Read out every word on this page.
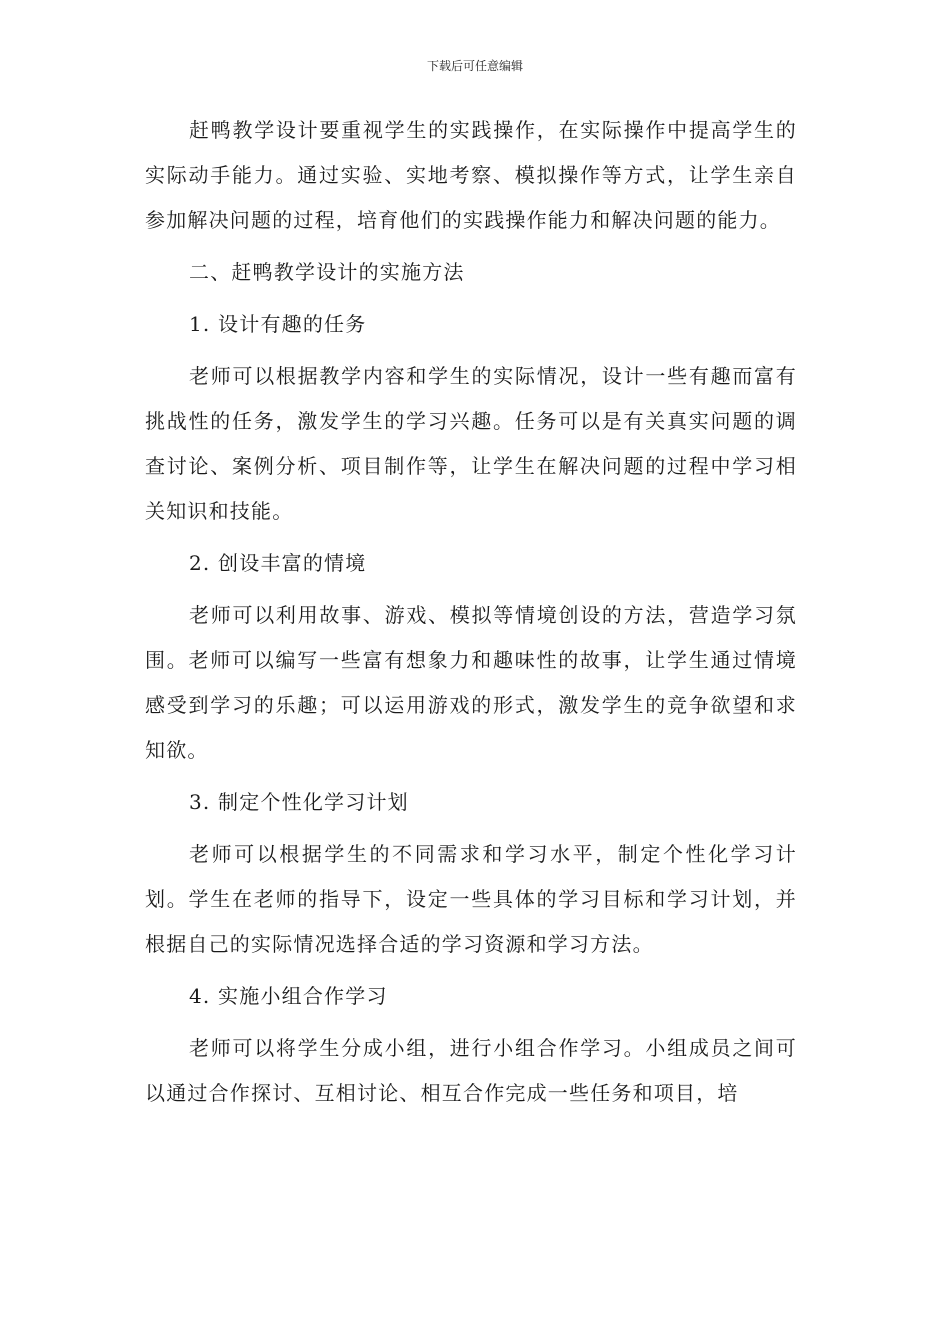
下载后可任意编辑

赶鸭教学设计要重视学生的实践操作，在实际操作中提高学生的实际动手能力。通过实验、实地考察、模拟操作等方式，让学生亲自参加解决问题的过程，培育他们的实践操作能力和解决问题的能力。

二、赶鸭教学设计的实施方法

1. 设计有趣的任务

老师可以根据教学内容和学生的实际情况，设计一些有趣而富有挑战性的任务，激发学生的学习兴趣。任务可以是有关真实问题的调查讨论、案例分析、项目制作等，让学生在解决问题的过程中学习相关知识和技能。

2. 创设丰富的情境

老师可以利用故事、游戏、模拟等情境创设的方法，营造学习氛围。老师可以编写一些富有想象力和趣味性的故事，让学生通过情境感受到学习的乐趣；可以运用游戏的形式，激发学生的竞争欲望和求知欲。

3. 制定个性化学习计划

老师可以根据学生的不同需求和学习水平，制定个性化学习计划。学生在老师的指导下，设定一些具体的学习目标和学习计划，并根据自己的实际情况选择合适的学习资源和学习方法。

4. 实施小组合作学习

老师可以将学生分成小组，进行小组合作学习。小组成员之间可以通过合作探讨、互相讨论、相互合作完成一些任务和项目，培
